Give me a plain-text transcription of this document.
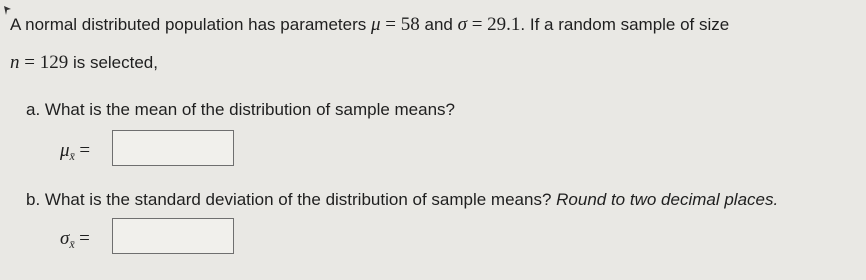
A normal distributed population has parameters μ = 58 and σ = 29.1. If a random sample of size
n = 129 is selected,
a. What is the mean of the distribution of sample means?
$\mu_{x̄}$ =
b. What is the standard deviation of the distribution of sample means? Round to two decimal places.
$\sigma_{x̄}$ =
